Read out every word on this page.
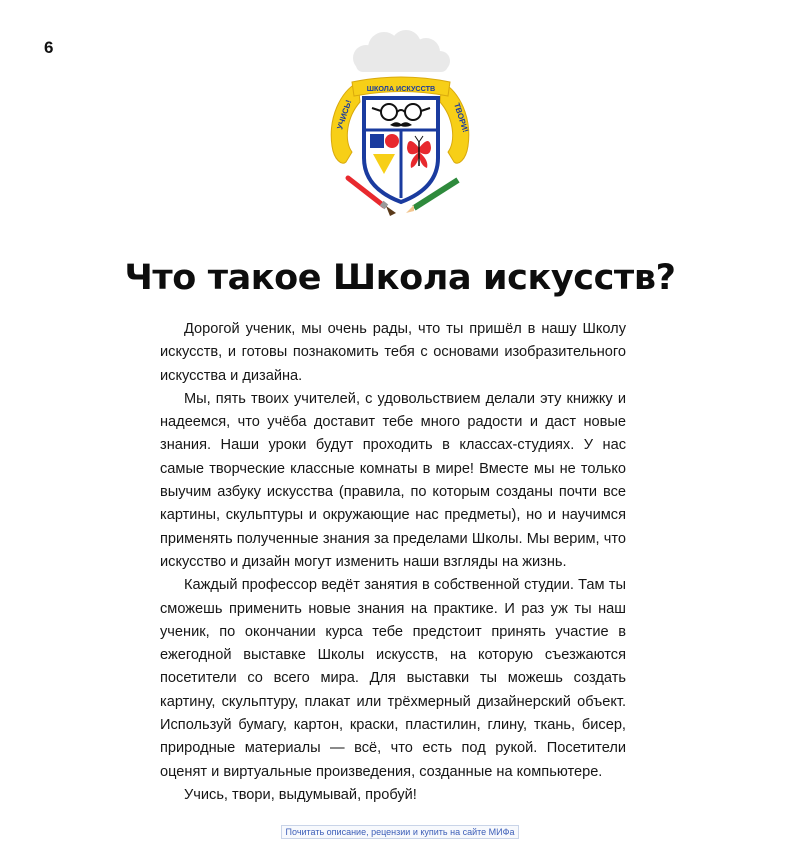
6
УЧИСЬ!	ТВОРИ!
ШКОЛА ИСКУССТВ
Что такое Школа искусств?

Дорогой ученик, мы очень рады, что ты пришёл в нашу Школу искусств, и готовы познакомить тебя с основами изобразительного искусства и дизайна.

Мы, пять твоих учителей, с удовольствием делали эту книжку и надеемся, что учёба доставит тебе много радости и даст новые знания. Наши уроки будут проходить в классах-студиях. У нас самые творческие классные комнаты в мире! Вместе мы не только выучим азбуку искусства (правила, по которым созданы почти все картины, скульптуры и окружающие нас предметы), но и научимся применять полученные знания за пределами Школы. Мы верим, что искусство и дизайн могут изменить наши взгляды на жизнь.

Каждый профессор ведёт занятия в собственной студии. Там ты сможешь применить новые знания на практике. И раз уж ты наш ученик, по окончании курса тебе предстоит принять участие в ежегодной выставке Школы искусств, на которую съезжаются посетители со всего мира. Для выставки ты можешь создать картину, скульптуру, плакат или трёхмерный дизайнерский объект. Используй бумагу, картон, краски, пластилин, глину, ткань, бисер, природные материалы — всё, что есть под рукой. Посетители оценят и виртуальные произведения, созданные на компьютере.

Учись, твори, выдумывай, пробуй!

Почитать описание, рецензии и купить на сайте МИФа
